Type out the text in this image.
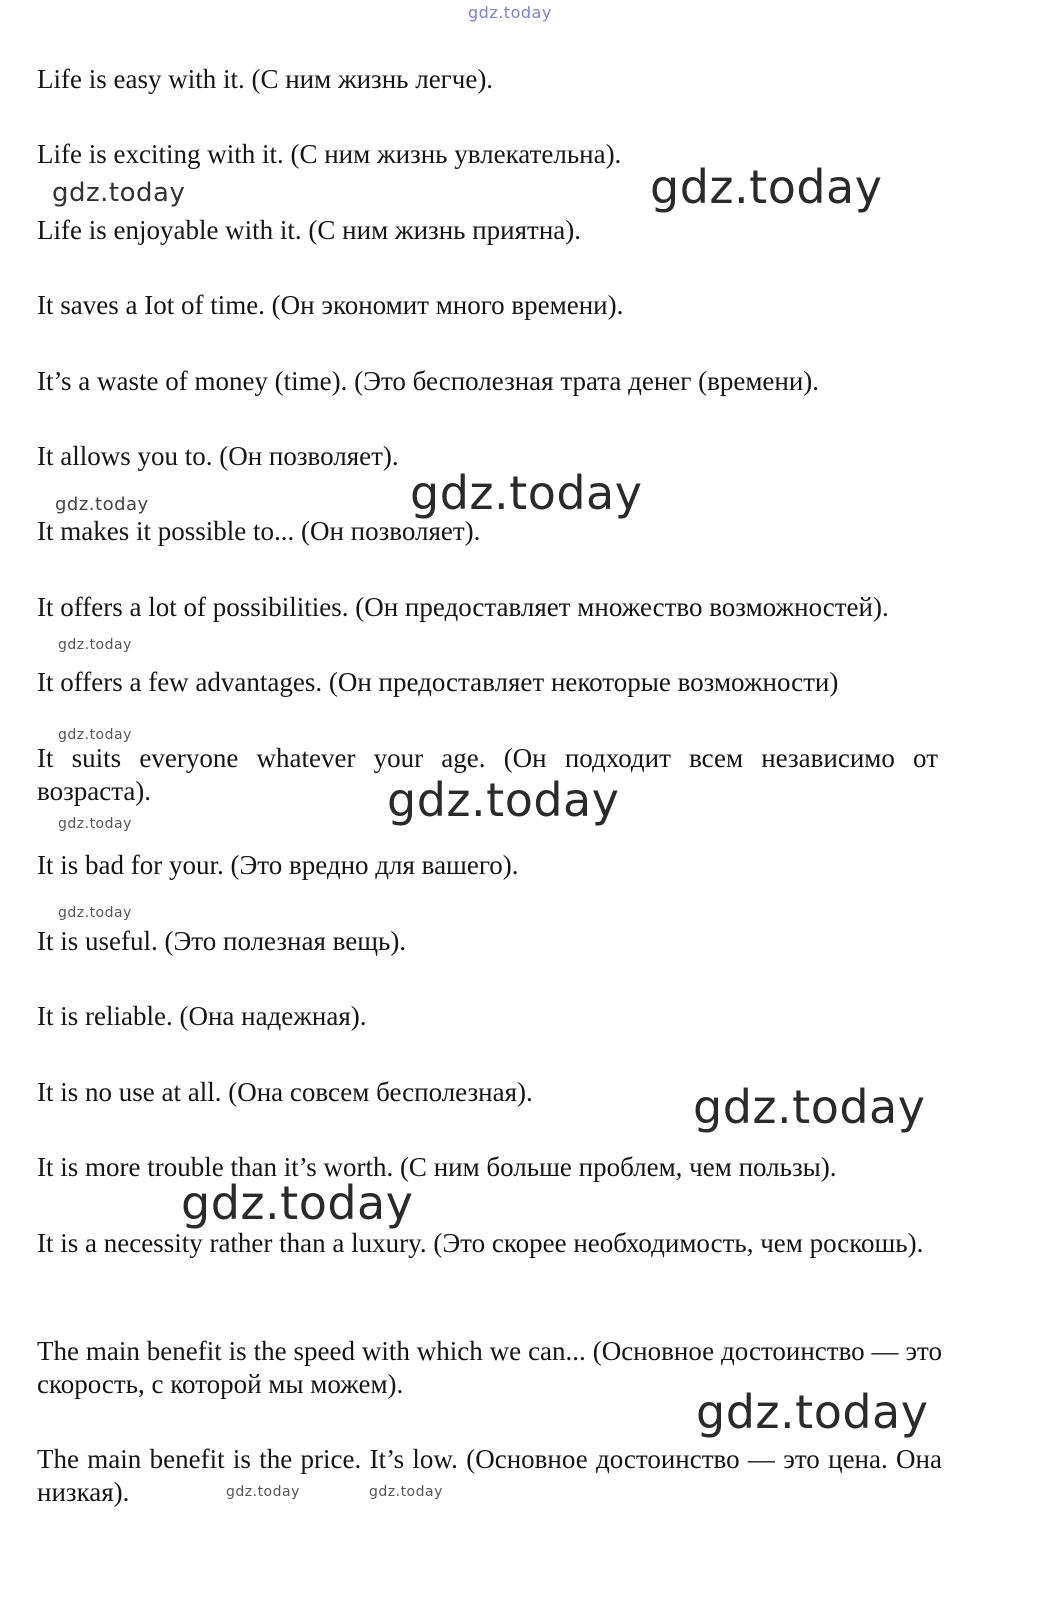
gdz.today
Life is easy with it. (С ним жизнь легче).
Life is exciting with it. (С ним жизнь увлекательна).
Life is enjoyable with it. (С ним жизнь приятна).
It saves a Iot of time. (Он экономит много времени).
It’s a waste of money (time). (Это бесполезная трата денег (времени).
It allows you to. (Он позволяет).
It makes it possible to... (Он позволяет).
It offers a lot of possibilities. (Он предоставляет множество возможностей).
It offers a few advantages. (Он предоставляет некоторые возможности)
It suits everyone whatever your age. (Он подходит всем независимо от возраста).
It is bad for your. (Это вредно для вашего).
It is useful. (Это полезная вещь).
It is reliable. (Она надежная).
It is no use at all. (Она совсем бесполезная).
It is more trouble than it’s worth. (С ним больше проблем, чем пользы).
It is a necessity rather than a luxury. (Это скорее необходимость, чем роскошь).
The main benefit is the speed with which we can... (Основное достоинство — это скорость, с которой мы можем).
The main benefit is the price. It’s low. (Основное достоинство — это цена. Она низкая).
gdz.today	gdz.today
gdz.today	gdz.today
gdz.today
gdz.today
gdz.today
gdz.today
gdz.today
gdz.today
gdz.today
gdz.today
gdz.today	gdz.today
